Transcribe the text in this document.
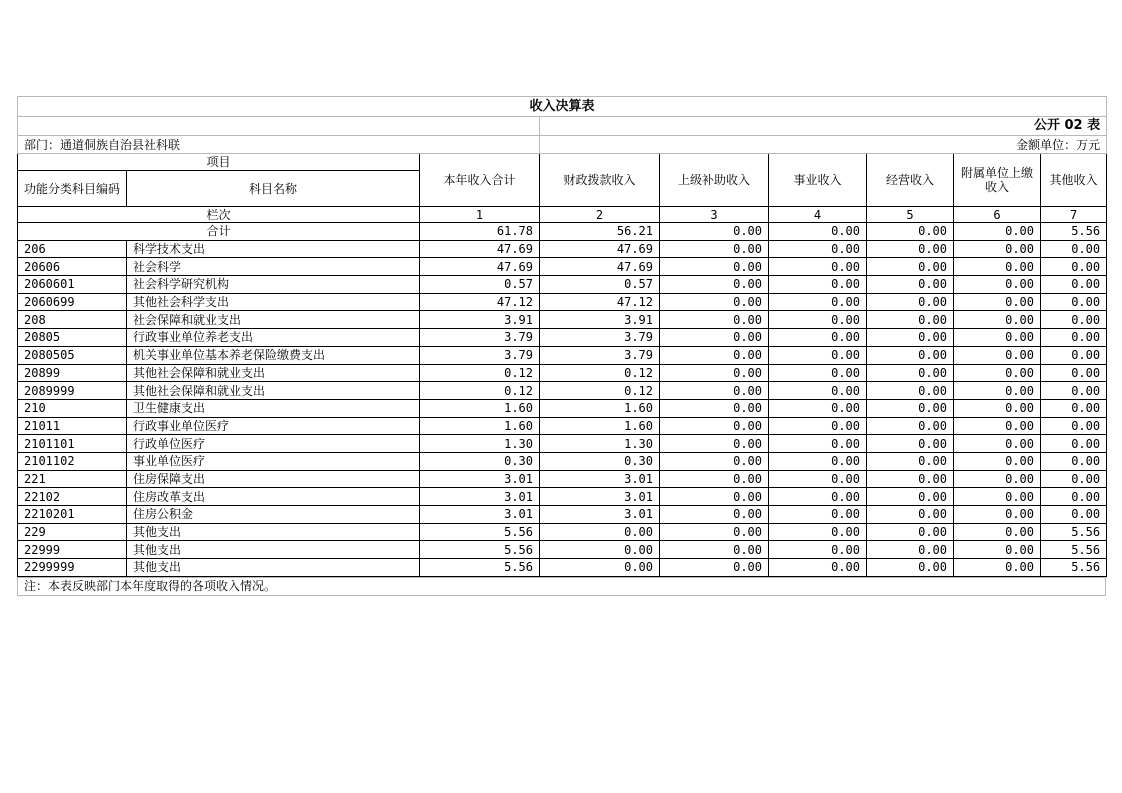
收入决算表								
			公开 02 表					
部门：通道侗族自治县社科联			金额单位：万元					
项目		本年收入合计	财政拨款收入	上级补助收入	事业收入	经营收入	附属单位上缴收入	其他收入
功能分类科目编码	科目名称							
栏次		1	2	3	4	5	6	7
合计		61.78	56.21	0.00	0.00	0.00	0.00	5.56
206	科学技术支出	47.69	47.69	0.00	0.00	0.00	0.00	0.00
20606	社会科学	47.69	47.69	0.00	0.00	0.00	0.00	0.00
2060601	社会科学研究机构	0.57	0.57	0.00	0.00	0.00	0.00	0.00
2060699	其他社会科学支出	47.12	47.12	0.00	0.00	0.00	0.00	0.00
208	社会保障和就业支出	3.91	3.91	0.00	0.00	0.00	0.00	0.00
20805	行政事业单位养老支出	3.79	3.79	0.00	0.00	0.00	0.00	0.00
2080505	机关事业单位基本养老保险缴费支出	3.79	3.79	0.00	0.00	0.00	0.00	0.00
20899	其他社会保障和就业支出	0.12	0.12	0.00	0.00	0.00	0.00	0.00
2089999	其他社会保障和就业支出	0.12	0.12	0.00	0.00	0.00	0.00	0.00
210	卫生健康支出	1.60	1.60	0.00	0.00	0.00	0.00	0.00
21011	行政事业单位医疗	1.60	1.60	0.00	0.00	0.00	0.00	0.00
2101101	行政单位医疗	1.30	1.30	0.00	0.00	0.00	0.00	0.00
2101102	事业单位医疗	0.30	0.30	0.00	0.00	0.00	0.00	0.00
221	住房保障支出	3.01	3.01	0.00	0.00	0.00	0.00	0.00
22102	住房改革支出	3.01	3.01	0.00	0.00	0.00	0.00	0.00
2210201	住房公积金	3.01	3.01	0.00	0.00	0.00	0.00	0.00
229	其他支出	5.56	0.00	0.00	0.00	0.00	0.00	5.56
22999	其他支出	5.56	0.00	0.00	0.00	0.00	0.00	5.56
2299999	其他支出	5.56	0.00	0.00	0.00	0.00	0.00	5.56
注：本表反映部门本年度取得的各项收入情况。
